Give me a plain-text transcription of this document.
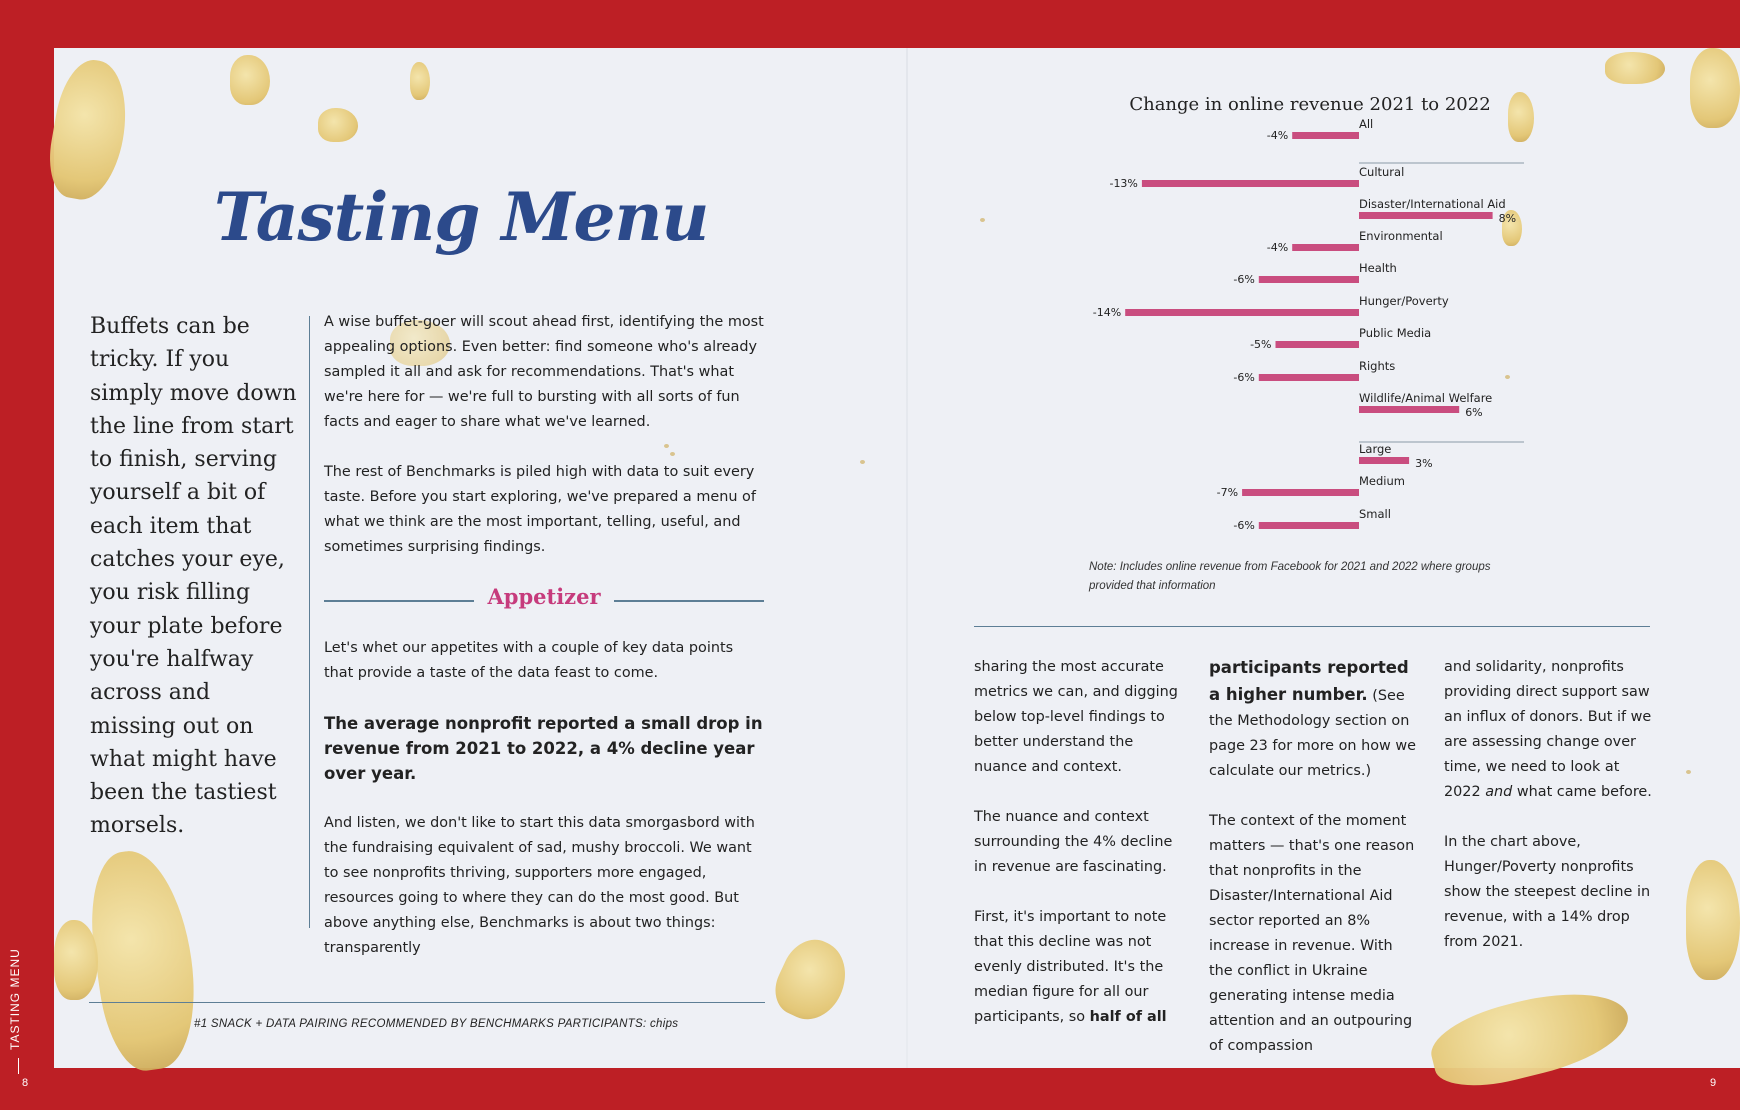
TASTING MENU
8	9
Tasting Menu
Buffets can be tricky. If you simply move down the line from start to finish, serving yourself a bit of each item that catches your eye, you risk filling your plate before you're halfway across and missing out on what might have been the tastiest morsels.

A wise buffet-goer will scout ahead first, identifying the most appealing options. Even better: find someone who's already sampled it all and ask for recommendations. That's what we're here for — we're full to bursting with all sorts of fun facts and eager to share what we've learned.

The rest of Benchmarks is piled high with data to suit every taste. Before you start exploring, we've prepared a menu of what we think are the most important, telling, useful, and sometimes surprising findings.

Appetizer

Let's whet our appetites with a couple of key data points that provide a taste of the data feast to come.

The average nonprofit reported a small drop in revenue from 2021 to 2022, a 4% decline year over year.

And listen, we don't like to start this data smorgasbord with the fundraising equivalent of sad, mushy broccoli. We want to see nonprofits thriving, supporters more engaged, resources going to where they can do the most good. But above anything else, Benchmarks is about two things: transparently

#1 SNACK + DATA PAIRING RECOMMENDED BY BENCHMARKS PARTICIPANTS: chips
Change in online revenue 2021 to 2022
All
-4%
Cultural
-13%
Disaster/International Aid
8%
Environmental
-4%
Health
-6%
Hunger/Poverty
-14%
Public Media
-5%
Rights
-6%
Wildlife/Animal Welfare
6%
Large
3%
Medium
-7%
Small
-6%
Note: Includes online revenue from Facebook for 2021 and 2022 where groups provided that information

sharing the most accurate metrics we can, and digging below top-level findings to better understand the nuance and context.

The nuance and context surrounding the 4% decline in revenue are fascinating.

First, it's important to note that this decline was not evenly distributed. It's the median figure for all our participants, so half of all

participants reported a higher number. (See the Methodology section on page 23 for more on how we calculate our metrics.)

The context of the moment matters — that's one reason that nonprofits in the Disaster/International Aid sector reported an 8% increase in revenue. With the conflict in Ukraine generating intense media attention and an outpouring of compassion

and solidarity, nonprofits providing direct support saw an influx of donors. But if we are assessing change over time, we need to look at 2022 and what came before.

In the chart above, Hunger/Poverty nonprofits show the steepest decline in revenue, with a 14% drop from 2021.
